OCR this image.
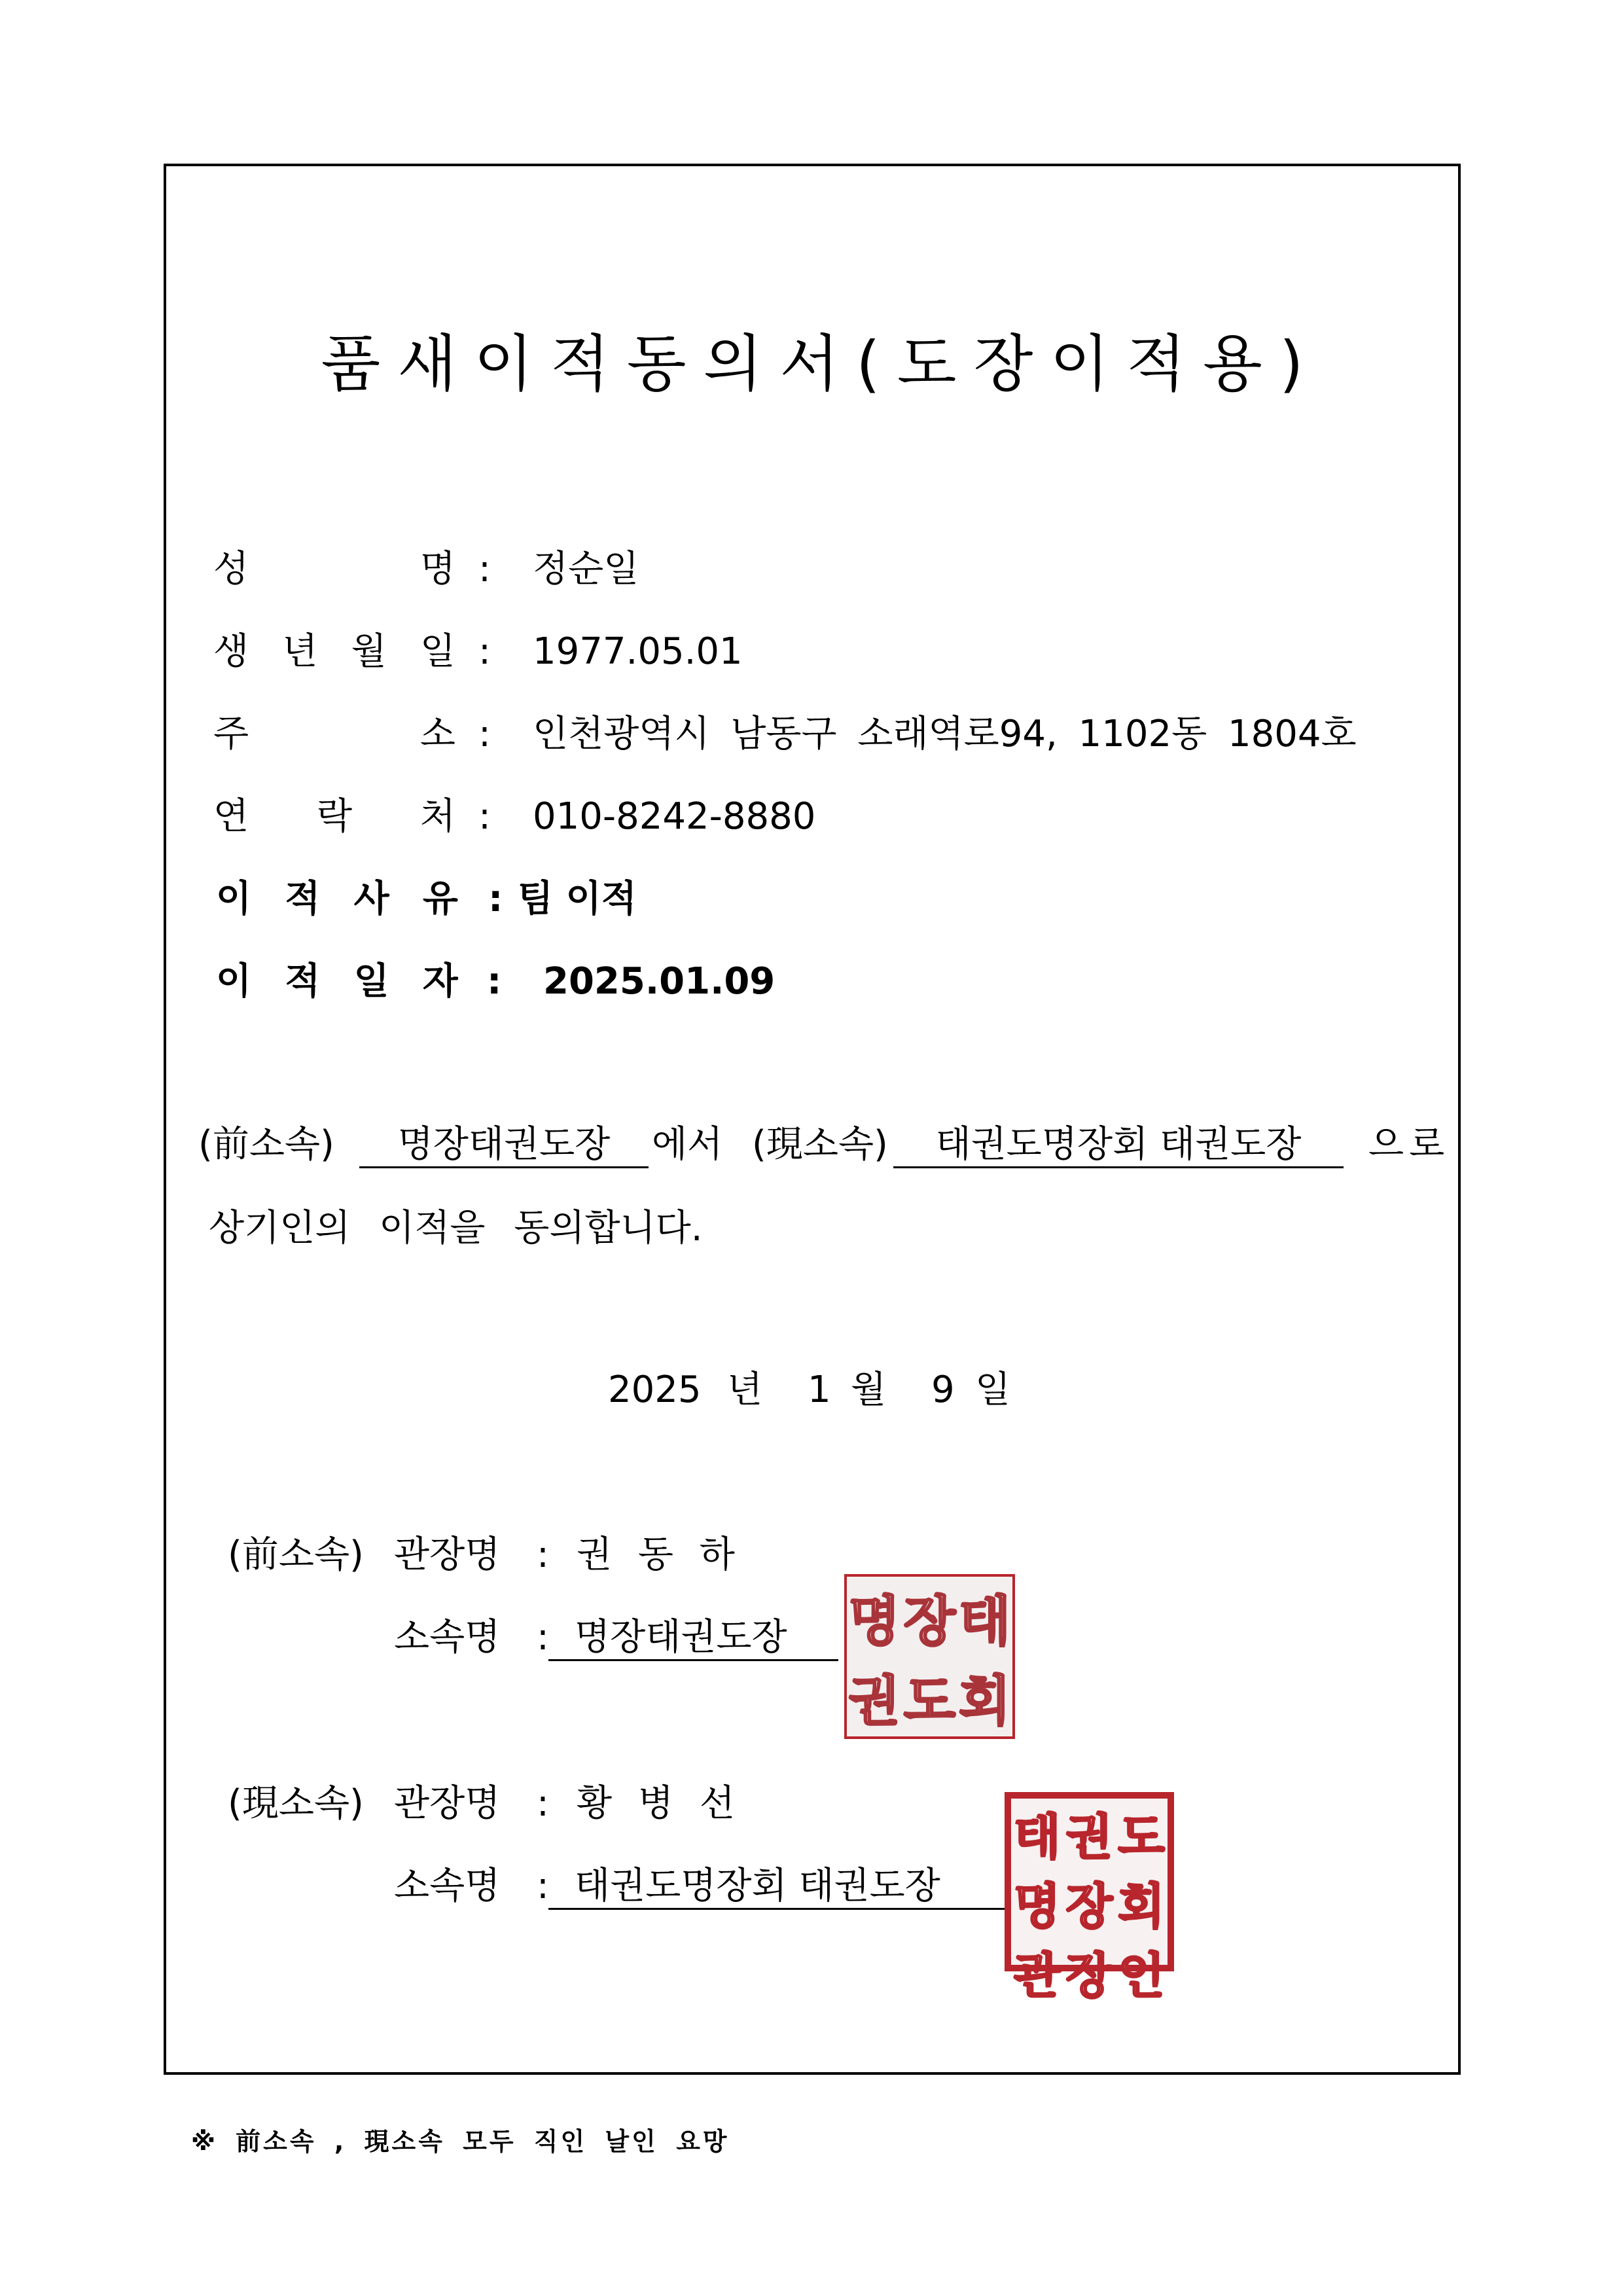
품새이적동의서(도장이적용)
성 명 : 정순일
생 년 월 일 : 1977.05.01
주 소 : 인천광역시 남동구 소래역로94, 1102동 1804호
연 락 처 : 010-8242-8880
이 적 사 유 : 팀 이적
이 적 일 자 : 2025.01.09
(前소속)	명장태권도장	에서 (現소속)	태권도명장회 태권도장	으로
상기인의 이적을 동의합니다.
2025 년 1 월 9 일
(前소속) 관장명 : 권 동 하
소속명 : 명장태권도장	명 장 태
권 도 회
(現소속) 관장명 : 황 병 선
소속명 : 태권도명장회 태권도장
태 권 도
명 장 회
관 장 인
※ 前소속 , 現소속 모두 직인 날인 요망
